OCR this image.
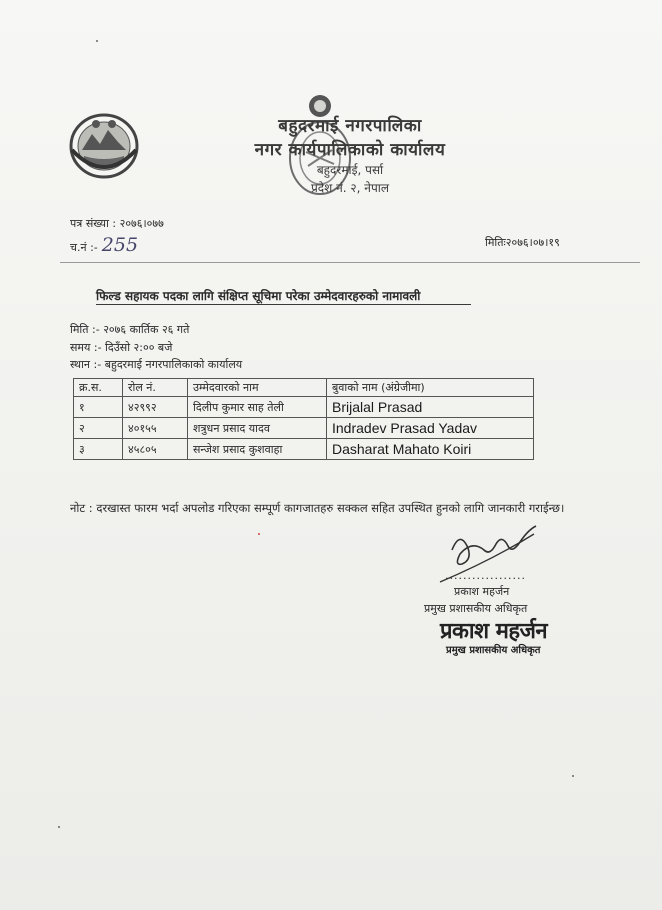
बहुदरमाई नगरपालिका
नगर कार्यपालिकाको कार्यालय
बहुदरमाई, पर्सा
प्रदेश नं. २, नेपाल
पत्र संख्या : २०७६।०७७
च.नं :- 255	मितिः२०७६।०७।१९
फिल्ड सहायक पदका लागि संक्षिप्त सूचिमा परेका उम्मेदवारहरुको नामावली
मिति :- २०७६ कार्तिक २६ गते
समय :- दिउँसो २:०० बजे
स्थान :- बहुदरमाई नगरपालिकाको कार्यालय
क्र.स.	रोल नं.	उम्मेदवारको नाम	बुवाको नाम (अंग्रेजीमा)
१	४२९९२	दिलीप कुमार साह तेली	Brijalal Prasad
२	४०१५५	शत्रुधन प्रसाद यादव	Indradev Prasad Yadav
३	४५८०५	सन्जेश प्रसाद कुशवाहा	Dasharat Mahato Koiri
नोट : दरखास्त फारम भर्दा अपलोड गरिएका सम्पूर्ण कागजातहरु सक्कल सहित उपस्थित हुनको लागि जानकारी गराईन्छ।
..................
प्रकाश महर्जन
प्रमुख प्रशासकीय अधिकृत
प्रकाश महर्जन
प्रमुख प्रशासकीय अधिकृत
